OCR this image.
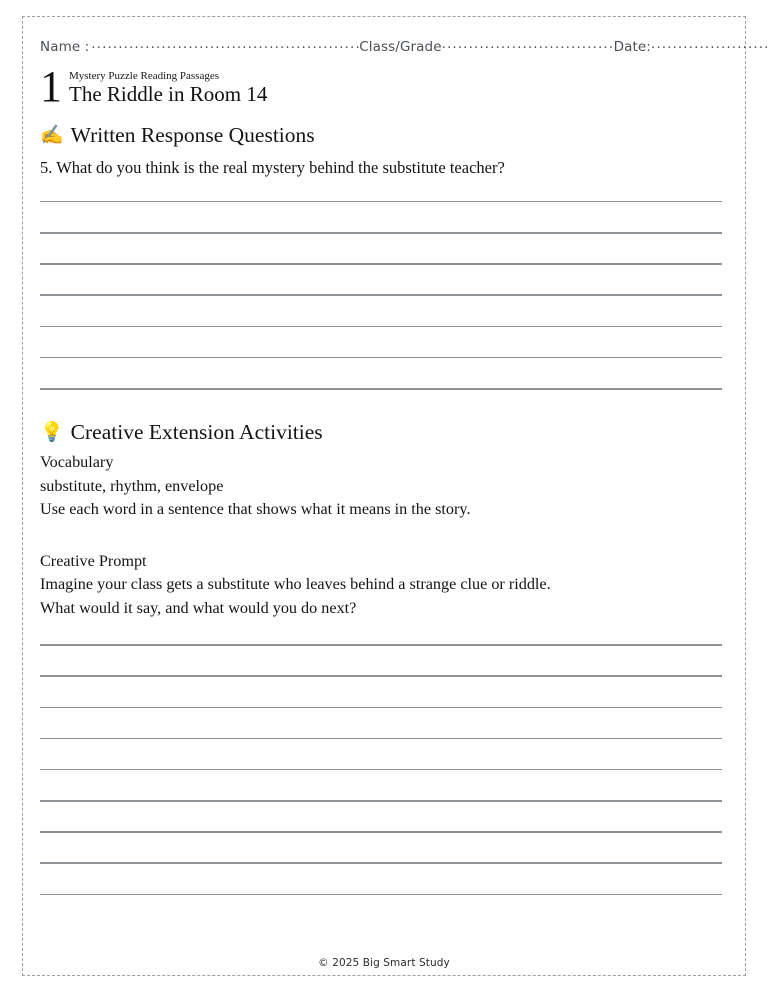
Name : .....	Class/Grade .....	Date:
.....
1 Mystery Puzzle Reading Passages
The Riddle in Room 14
✍️ Written Response Questions
5. What do you think is the real mystery behind the substitute teacher?
💡 Creative Extension Activities
Vocabulary
substitute, rhythm, envelope
Use each word in a sentence that shows what it means in the story.
Creative Prompt
Imagine your class gets a substitute who leaves behind a strange clue or riddle.
What would it say, and what would you do next?
© 2025 Big Smart Study
